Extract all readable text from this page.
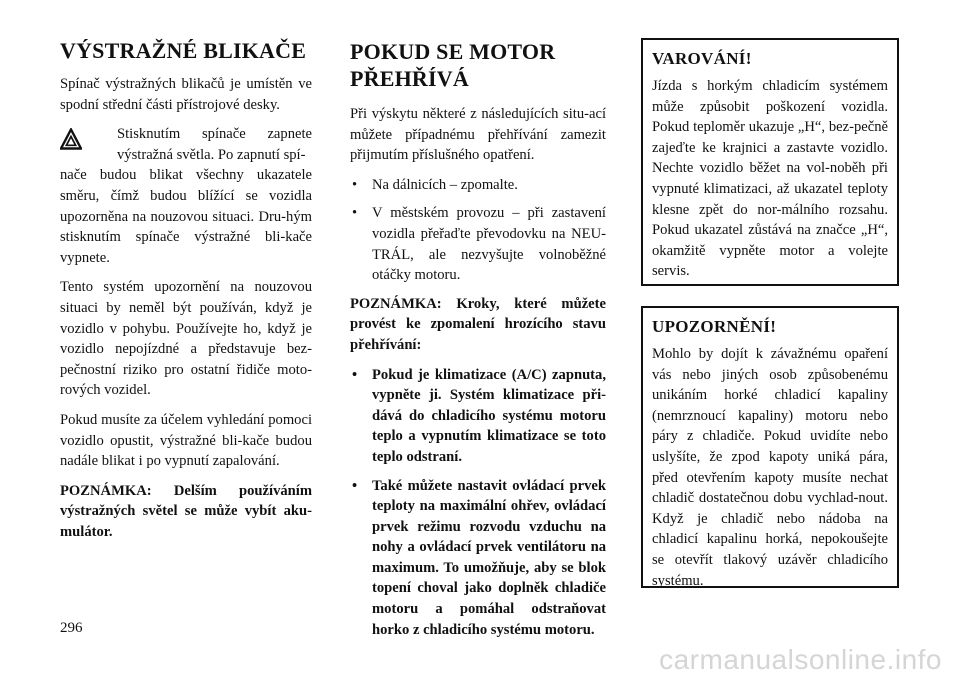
VÝSTRAŽNÉ BLIKAČE

Spínač výstražných blikačů je umístěn ve spodní střední části přístrojové desky.

Stisknutím spínače zapnete výstražná světla. Po zapnutí spí-

nače budou blikat všechny ukazatele směru, čímž budou blížící se vozidla upozorněna na nouzovou situaci. Dru-hým stisknutím spínače výstražné bli-kače vypnete.

Tento systém upozornění na nouzovou situaci by neměl být používán, když je vozidlo v pohybu. Používejte ho, když je vozidlo nepojízdné a představuje bez-pečnostní riziko pro ostatní řidiče moto-rových vozidel.

Pokud musíte za účelem vyhledání pomoci vozidlo opustit, výstražné bli-kače budou nadále blikat i po vypnutí zapalování.

POZNÁMKA: Delším používáním výstražných světel se může vybít aku-mulátor.

POKUD SE MOTOR
PŘEHŘÍVÁ

Při výskytu některé z následujících situ-ací můžete případnému přehřívání zamezit přijmutím příslušného opatření.

• Na dálnicích – zpomalte.
• V městském provozu – při zastavení vozidla přeřaďte převodovku na NEU-TRÁL, ale nezvyšujte volnoběžné otáčky motoru.

POZNÁMKA: Kroky, které můžete provést ke zpomalení hrozícího stavu přehřívání:

• Pokud je klimatizace (A/C) zapnuta, vypněte ji. Systém klimatizace při-dává do chladicího systému motoru teplo a vypnutím klimatizace se toto teplo odstraní.
• Také můžete nastavit ovládací prvek teploty na maximální ohřev, ovládací prvek režimu rozvodu vzduchu na nohy a ovládací prvek ventilátoru na maximum. To umožňuje, aby se blok topení choval jako doplněk chladiče motoru a pomáhal odstraňovat horko z chladicího systému motoru.
VAROVÁNÍ!

Jízda s horkým chladicím systémem může způsobit poškození vozidla. Pokud teploměr ukazuje „H“, bez-pečně zajeďte ke krajnici a zastavte vozidlo. Nechte vozidlo běžet na vol-noběh při vypnuté klimatizaci, až ukazatel teploty klesne zpět do nor-málního rozsahu. Pokud ukazatel zůstává na značce „H“, okamžitě vypněte motor a volejte servis.

UPOZORNĚNÍ!

Mohlo by dojít k závažnému opaření vás nebo jiných osob způsobenému unikáním horké chladicí kapaliny (nemrznoucí kapaliny) motoru nebo páry z chladiče. Pokud uvidíte nebo uslyšíte, že zpod kapoty uniká pára, před otevřením kapoty musíte nechat chladič dostatečnou dobu vychlad-nout. Když je chladič nebo nádoba na chladicí kapalinu horká, nepokoušejte se otevřít tlakový uzávěr chladicího systému.

296
carmanualsonline.info
